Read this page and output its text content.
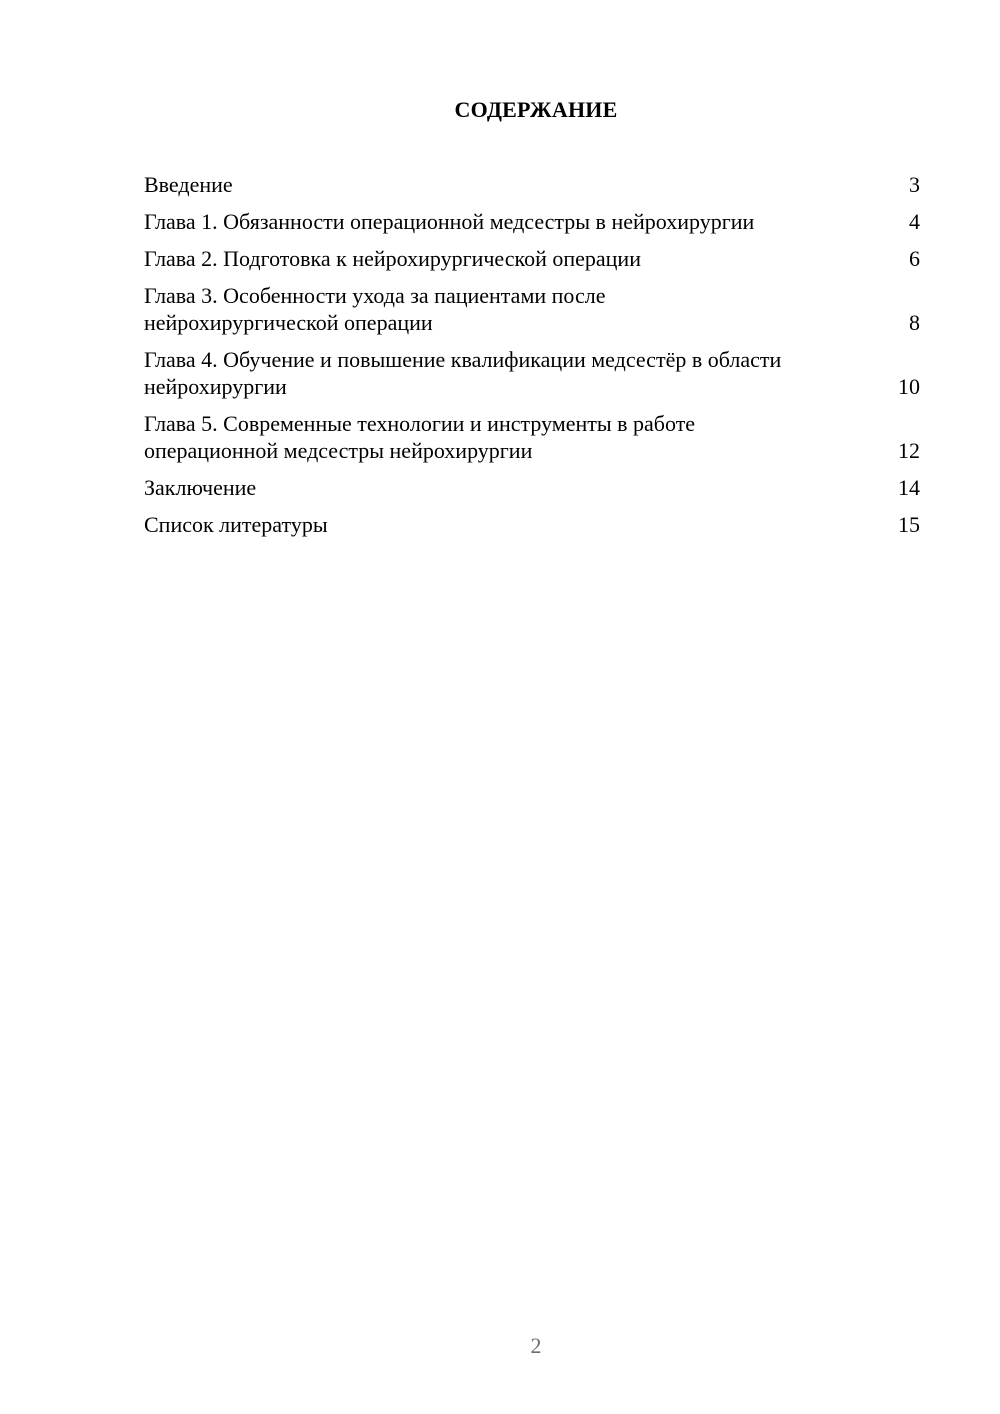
СОДЕРЖАНИЕ
Введение	3
Глава 1. Обязанности операционной медсестры в нейрохирургии	4
Глава 2. Подготовка к нейрохирургической операции	6
Глава 3. Особенности ухода за пациентами после нейрохирургической операции	8
Глава 4. Обучение и повышение квалификации медсестёр в области нейрохирургии	10
Глава 5. Современные технологии и инструменты в работе операционной медсестры нейрохирургии	12
Заключение	14
Список литературы	15
2
